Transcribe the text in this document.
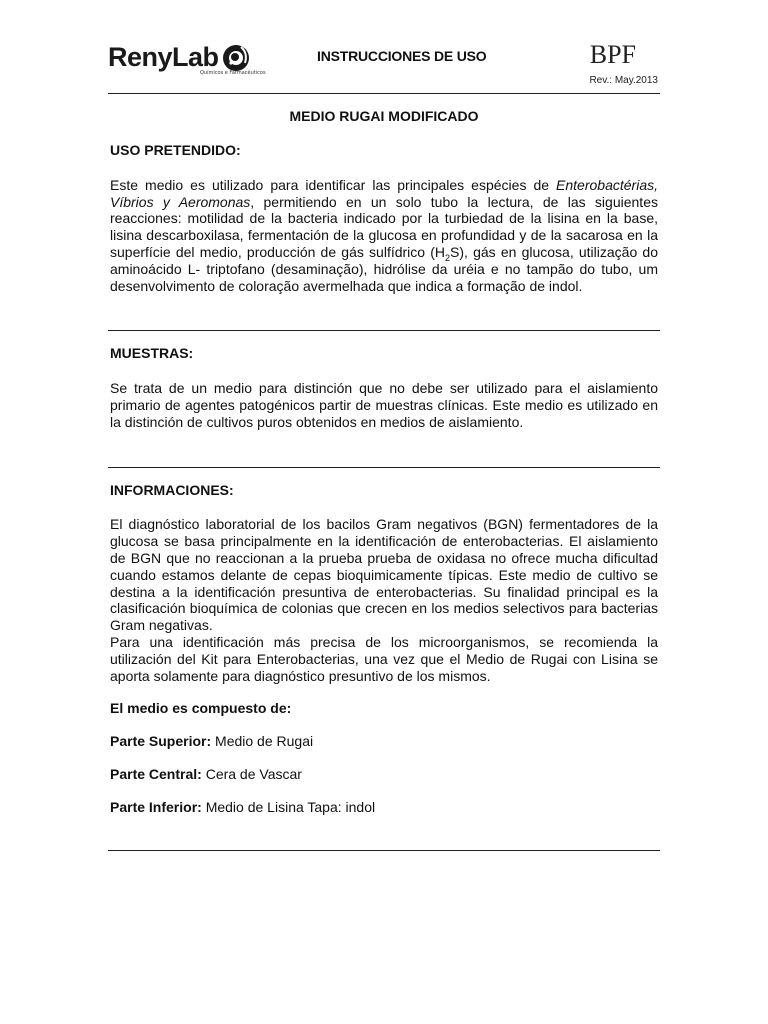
RenyLab
Químicos e Farmacêuticos
INSTRUCCIONES DE USO	BPF
Rev.: May.2013
MEDIO RUGAI MODIFICADO
USO PRETENDIDO:

Este medio es utilizado para identificar las principales espécies de Enterobactérias, Víbrios y Aeromonas, permitiendo en un solo tubo la lectura, de las siguientes reacciones: motilidad de la bacteria indicado por la turbiedad de la lisina en la base, lisina descarboxilasa, fermentación de la glucosa en profundidad y de la sacarosa en la superfície del medio, producción de gás sulfídrico $(H_2S)$, gás en glucosa, utilização do aminoácido L- triptofano (desaminação), hidrólise da uréia e no tampão do tubo, um desenvolvimento de coloração avermelhada que indica a formação de indol.

MUESTRAS:

Se trata de un medio para distinción que no debe ser utilizado para el aislamiento primario de agentes patogénicos partir de muestras clínicas. Este medio es utilizado en la distinción de cultivos puros obtenidos en medios de aislamiento.

INFORMACIONES:

El diagnóstico laboratorial de los bacilos Gram negativos (BGN) fermentadores de la glucosa se basa principalmente en la identificación de enterobacterias. El aislamiento de BGN que no reaccionan a la prueba prueba de oxidasa no ofrece mucha dificultad cuando estamos delante de cepas bioquimicamente típicas. Este medio de cultivo se destina a la identificación presuntiva de enterobacterias. Su finalidad principal es la clasificación bioquímica de colonias que crecen en los medios selectivos para bacterias Gram negativas.

Para una identificación más precisa de los microorganismos, se recomienda la utilización del Kit para Enterobacterias, una vez que el Medio de Rugai con Lisina se aporta solamente para diagnóstico presuntivo de los mismos.

El medio es compuesto de:
Parte Superior: Medio de Rugai
Parte Central: Cera de Vascar
Parte Inferior: Medio de Lisina Tapa: indol
